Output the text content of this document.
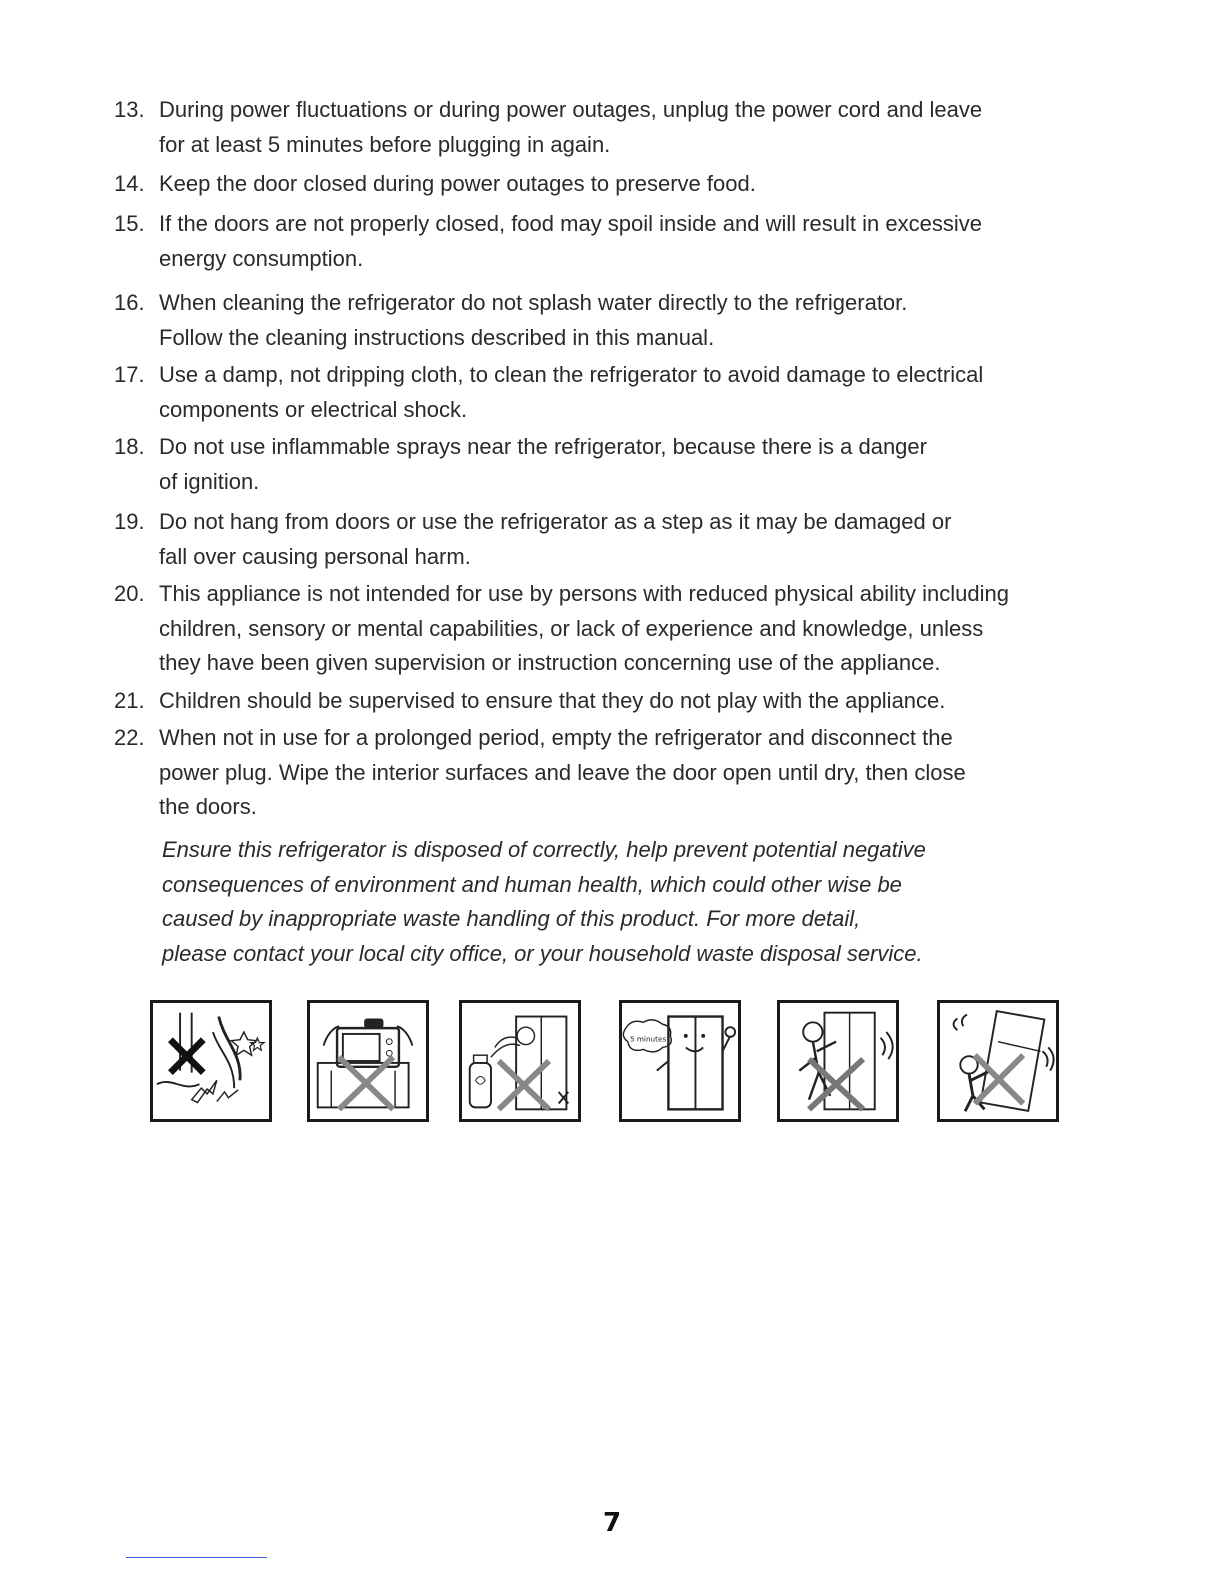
13. During power fluctuations or during power outages, unplug the power cord and leave
for at least 5 minutes before plugging in again.
14. Keep the door closed during power outages to preserve food.
15. If the doors are not properly closed, food may spoil inside and will result in excessive
energy consumption.
16. When cleaning the refrigerator do not splash water directly to the refrigerator.
Follow the cleaning instructions described in this manual.
17. Use a damp, not dripping cloth, to clean the refrigerator to avoid damage to electrical
components or electrical shock.
18. Do not use inflammable sprays near the refrigerator, because there is a danger
of ignition.
19. Do not hang from doors or use the refrigerator as a step as it may be damaged or
fall over causing personal harm.
20. This appliance is not intended for use by persons with reduced physical ability including
children, sensory or mental capabilities, or lack of experience and knowledge, unless
they have been given supervision or instruction concerning use of the appliance.
21. Children should be supervised to ensure that they do not play with the appliance.
22. When not in use for a prolonged period, empty the refrigerator and disconnect the
power plug. Wipe the interior surfaces and leave the door open until dry, then close
the doors.
Ensure this refrigerator is disposed of correctly, help prevent potential negative
consequences of environment and human health, which could other wise be
caused by inappropriate waste handling of this product. For more detail,
please contact your local city office, or your household waste disposal service.
5 minutes
7
